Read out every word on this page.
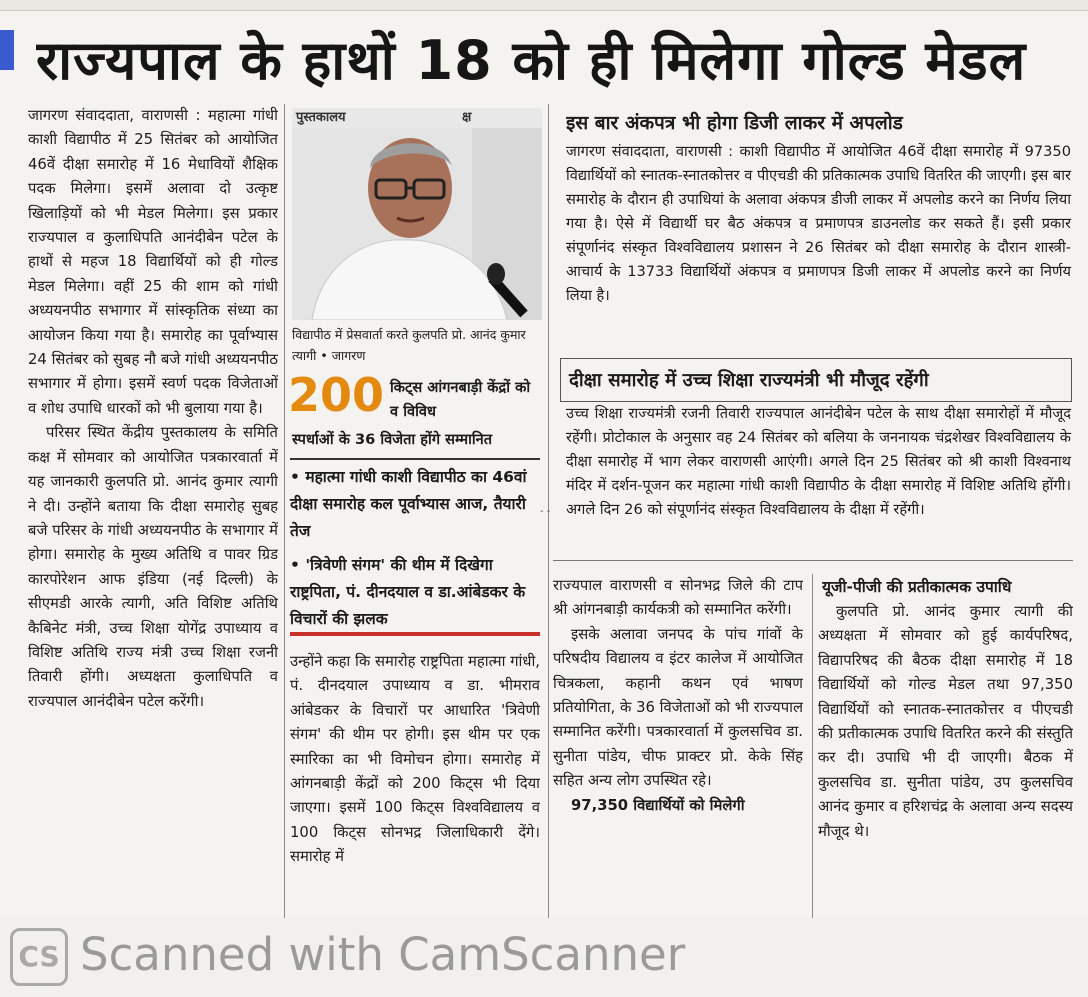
राज्यपाल के हाथों 18 को ही मिलेगा गोल्ड मेडल

जागरण संवाददाता, वाराणसी : महात्मा गांधी काशी विद्यापीठ में 25 सितंबर को आयोजित 46वें दीक्षा समारोह में 16 मेधावियों शैक्षिक पदक मिलेगा। इसमें अलावा दो उत्कृष्ट खिलाड़ियों को भी मेडल मिलेगा। इस प्रकार राज्यपाल व कुलाधिपति आनंदीबेन पटेल के हाथों से महज 18 विद्यार्थियों को ही गोल्ड मेडल मिलेगा। वहीं 25 की शाम को गांधी अध्ययनपीठ सभागार में सांस्कृतिक संध्या का आयोजन किया गया है। समारोह का पूर्वाभ्यास 24 सितंबर को सुबह नौ बजे गांधी अध्ययनपीठ सभागार में होगा। इसमें स्वर्ण पदक विजेताओं व शोध उपाधि धारकों को भी बुलाया गया है।

परिसर स्थित केंद्रीय पुस्तकालय के समिति कक्ष में सोमवार को आयोजित पत्रकारवार्ता में यह जानकारी कुलपति प्रो. आनंद कुमार त्यागी ने दी। उन्होंने बताया कि दीक्षा समारोह सुबह बजे परिसर के गांधी अध्ययनपीठ के सभागार में होगा। समारोह के मुख्य अतिथि व पावर ग्रिड कारपोरेशन आफ इंडिया (नई दिल्ली) के सीएमडी आरके त्यागी, अति विशिष्ट अतिथि कैबिनेट मंत्री, उच्च शिक्षा योगेंद्र उपाध्याय व विशिष्ट अतिथि राज्य मंत्री उच्च शिक्षा रजनी तिवारी होंगी। अध्यक्षता कुलाधिपति व राज्यपाल आनंदीबेन पटेल करेंगी।

पुस्तकालय	क्ष
विद्यापीठ में प्रेसवार्ता करते कुलपति प्रो. आनंद कुमार त्यागी • जागरण
200 किट्स आंगनबाड़ी केंद्रों को व विविध
स्पर्धाओं के 36 विजेता होंगे सम्मानित
• महात्मा गांधी काशी विद्यापीठ का 46वां दीक्षा समारोह कल पूर्वाभ्यास आज, तैयारी तेज
• 'त्रिवेणी संगम' की थीम में दिखेगा राष्ट्रपिता, पं. दीनदयाल व डा.आंबेडकर के विचारों की झलक

उन्होंने कहा कि समारोह राष्ट्रपिता महात्मा गांधी, पं. दीनदयाल उपाध्याय व डा. भीमराव आंबेडकर के विचारों पर आधारित 'त्रिवेणी संगम' की थीम पर होगी। इस थीम पर एक स्मारिका का भी विमोचन होगा। समारोह में आंगनबाड़ी केंद्रों को 200 किट्स भी दिया जाएगा। इसमें 100 किट्स विश्वविद्यालय व 100 किट्स सोनभद्र जिलाधिकारी देंगे। समारोह में

इस बार अंकपत्र भी होगा डिजी लाकर में अपलोड
जागरण संवाददाता, वाराणसी : काशी विद्यापीठ में आयोजित 46वें दीक्षा समारोह में 97350 विद्यार्थियों को स्नातक-स्नातकोत्तर व पीएचडी की प्रतिकात्मक उपाधि वितरित की जाएगी। इस बार समारोह के दौरान ही उपाधियां के अलावा अंकपत्र डीजी लाकर में अपलोड करने का निर्णय लिया गया है। ऐसे में विद्यार्थी घर बैठ अंकपत्र व प्रमाणपत्र डाउनलोड कर सकते हैं। इसी प्रकार संपूर्णानंद संस्कृत विश्वविद्यालय प्रशासन ने 26 सितंबर को दीक्षा समारोह के दौरान शास्त्री-आचार्य के 13733 विद्यार्थियों अंकपत्र व प्रमाणपत्र डिजी लाकर में अपलोड करने का निर्णय लिया है।
दीक्षा समारोह में उच्च शिक्षा राज्यमंत्री भी मौजूद रहेंगी
उच्च शिक्षा राज्यमंत्री रजनी तिवारी राज्यपाल आनंदीबेन पटेल के साथ दीक्षा समारोहों में मौजूद रहेंगी। प्रोटोकाल के अनुसार वह 24 सितंबर को बलिया के जननायक चंद्रशेखर विश्वविद्यालय के दीक्षा समारोह में भाग लेकर वाराणसी आएंगी। अगले दिन 25 सितंबर को श्री काशी विश्वनाथ मंदिर में दर्शन-पूजन कर महात्मा गांधी काशी विद्यापीठ के दीक्षा समारोह में विशिष्ट अतिथि होंगी। अगले दिन 26 को संपूर्णानंद संस्कृत विश्वविद्यालय के दीक्षा में रहेंगी।
- -

राज्यपाल वाराणसी व सोनभद्र जिले की टाप श्री आंगनबाड़ी कार्यकत्री को सम्मानित करेंगी।

इसके अलावा जनपद के पांच गांवों के परिषदीय विद्यालय व इंटर कालेज में आयोजित चित्रकला, कहानी कथन एवं भाषण प्रतियोगिता, के 36 विजेताओं को भी राज्यपाल सम्मानित करेंगी। पत्रकारवार्ता में कुलसचिव डा. सुनीता पांडेय, चीफ प्राक्टर प्रो. केके सिंह सहित अन्य लोग उपस्थित रहे।

97,350 विद्यार्थियों को मिलेगी

यूजी-पीजी की प्रतीकात्मक उपाधि

कुलपति प्रो. आनंद कुमार त्यागी की अध्यक्षता में सोमवार को हुई कार्यपरिषद, विद्यापरिषद की बैठक दीक्षा समारोह में 18 विद्यार्थियों को गोल्ड मेडल तथा 97,350 विद्यार्थियों को स्नातक-स्नातकोत्तर व पीएचडी की प्रतीकात्मक उपाधि वितरित करने की संस्तुति कर दी। उपाधि भी दी जाएगी। बैठक में कुलसचिव डा. सुनीता पांडेय, उप कुलसचिव आनंद कुमार व हरिशचंद्र के अलावा अन्य सदस्य मौजूद थे।

CS Scanned with CamScanner
